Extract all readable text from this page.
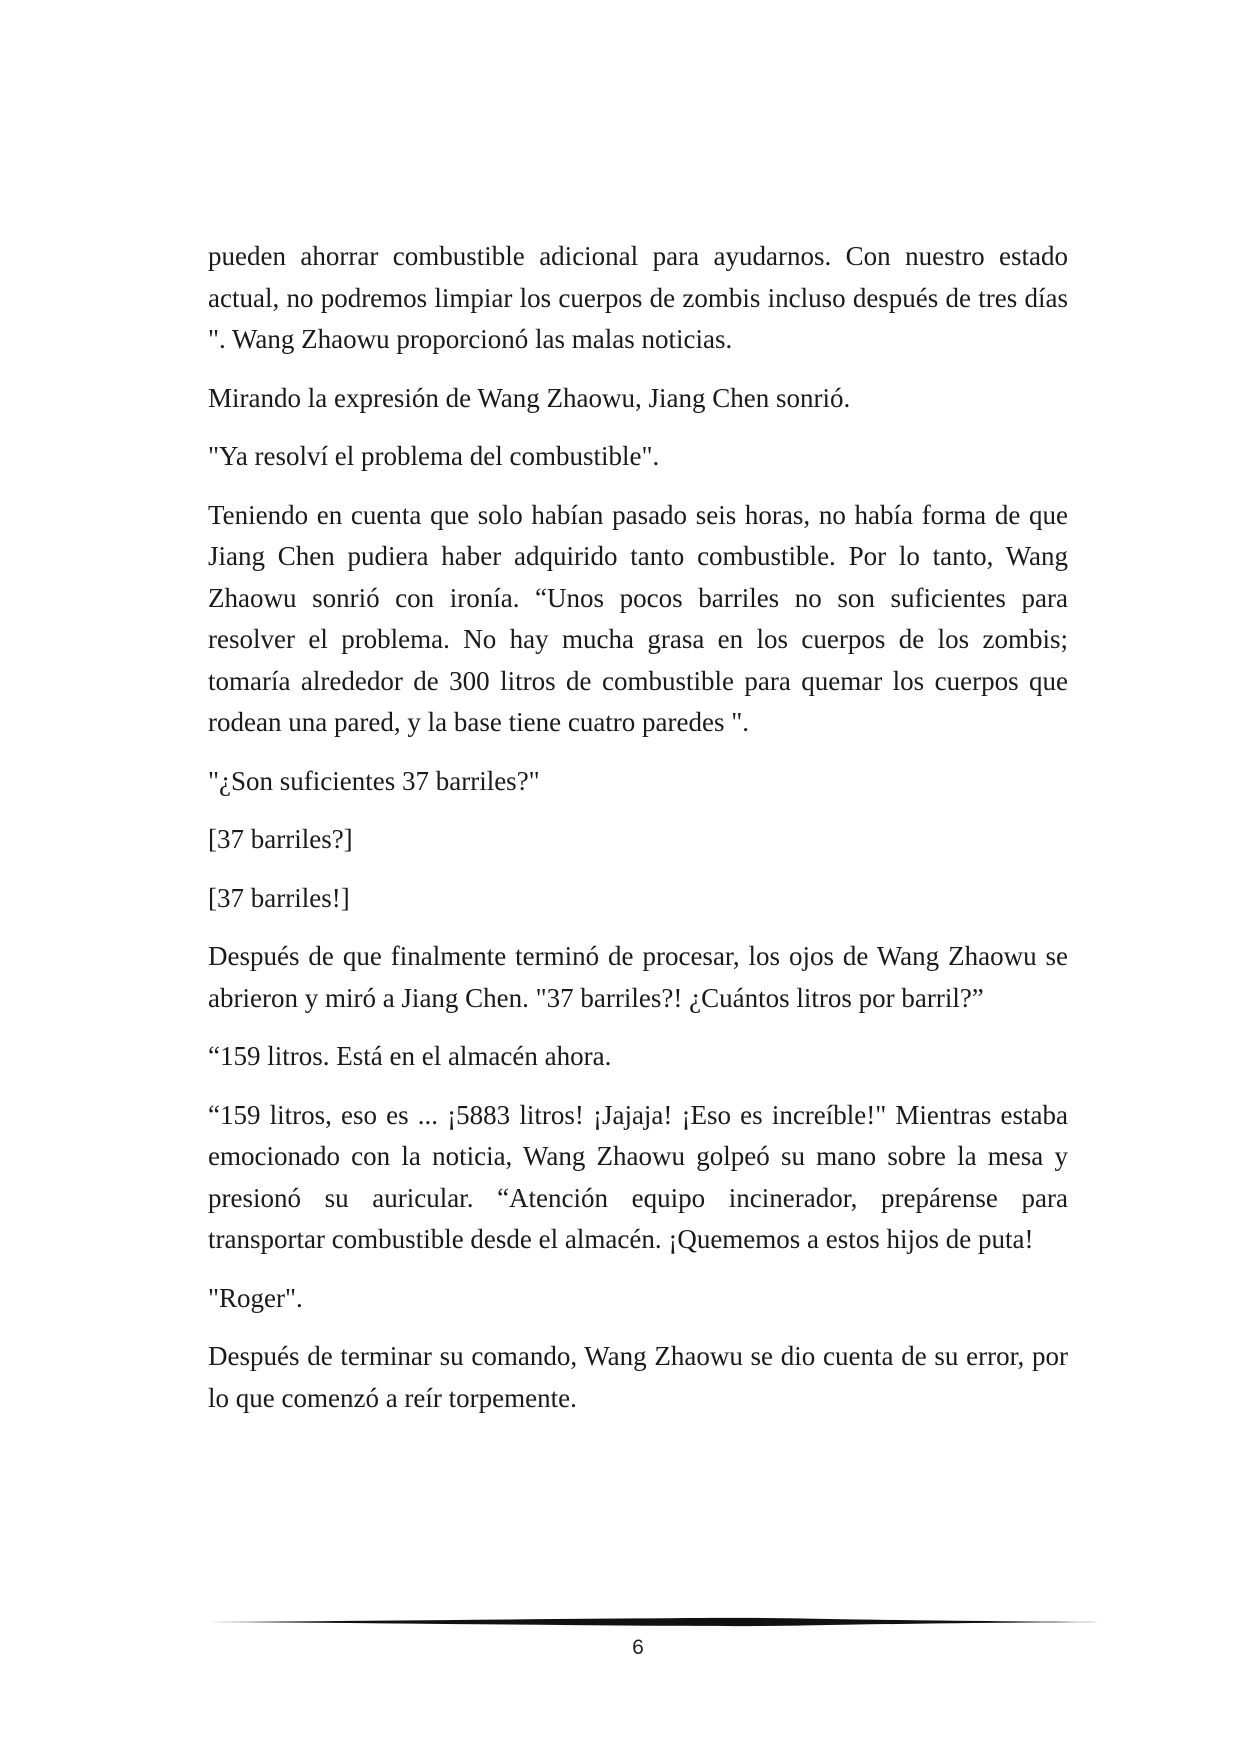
pueden ahorrar combustible adicional para ayudarnos. Con nuestro estado actual, no podremos limpiar los cuerpos de zombis incluso después de tres días ". Wang Zhaowu proporcionó las malas noticias.

Mirando la expresión de Wang Zhaowu, Jiang Chen sonrió.

"Ya resolví el problema del combustible".

Teniendo en cuenta que solo habían pasado seis horas, no había forma de que Jiang Chen pudiera haber adquirido tanto combustible. Por lo tanto, Wang Zhaowu sonrió con ironía. “Unos pocos barriles no son suficientes para resolver el problema. No hay mucha grasa en los cuerpos de los zombis; tomaría alrededor de 300 litros de combustible para quemar los cuerpos que rodean una pared, y la base tiene cuatro paredes ".

"¿Son suficientes 37 barriles?"

[37 barriles?]

[37 barriles!]

Después de que finalmente terminó de procesar, los ojos de Wang Zhaowu se abrieron y miró a Jiang Chen. "37 barriles?! ¿Cuántos litros por barril?”

“159 litros. Está en el almacén ahora.

“159 litros, eso es ... ¡5883 litros! ¡Jajaja! ¡Eso es increíble!" Mientras estaba emocionado con la noticia, Wang Zhaowu golpeó su mano sobre la mesa y presionó su auricular. “Atención equipo incinerador, prepárense para transportar combustible desde el almacén. ¡Quememos a estos hijos de puta!

"Roger".

Después de terminar su comando, Wang Zhaowu se dio cuenta de su error, por lo que comenzó a reír torpemente.

6
